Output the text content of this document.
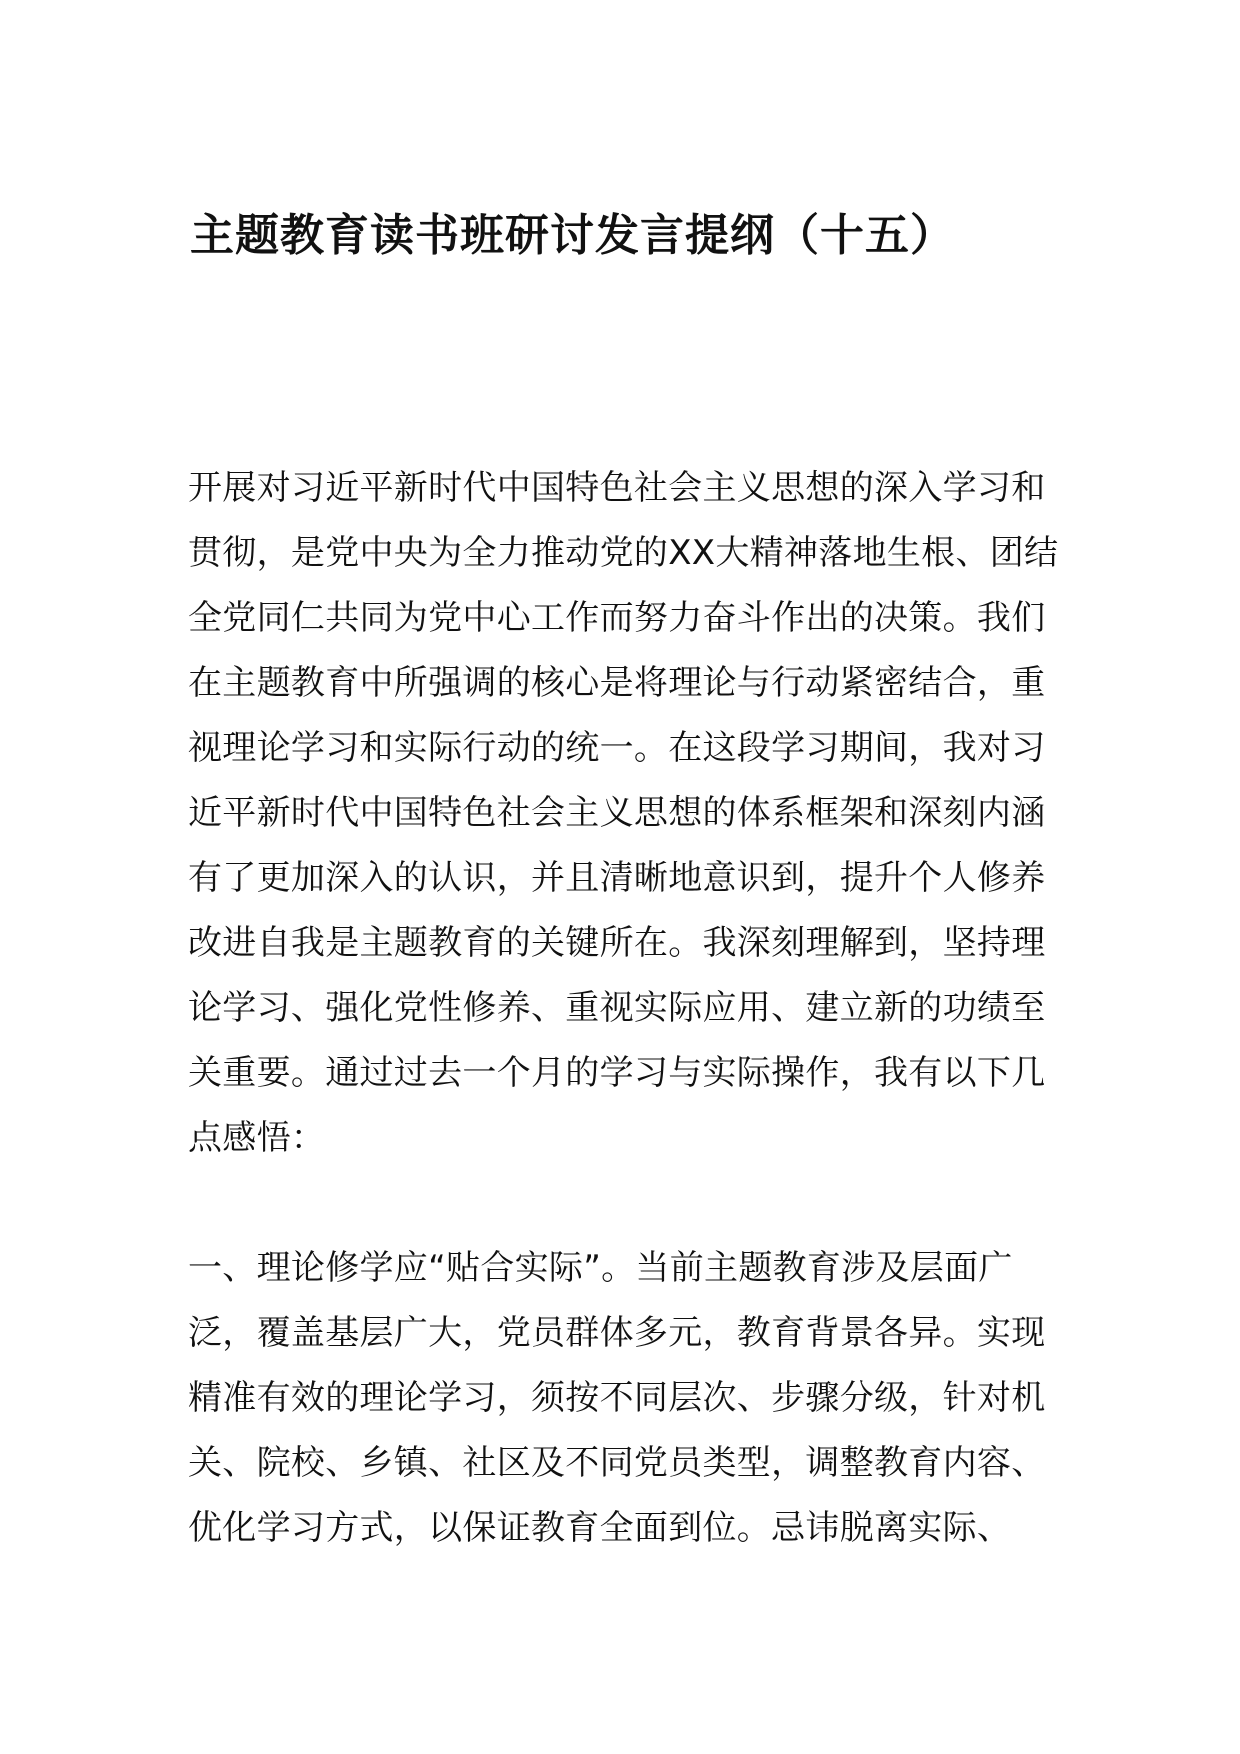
主题教育读书班研讨发言提纲（十五）
开展对习近平新时代中国特色社会主义思想的深入学习和
贯彻，是党中央为全力推动党的XX大精神落地生根、团结
全党同仁共同为党中心工作而努力奋斗作出的决策。我们
在主题教育中所强调的核心是将理论与行动紧密结合，重
视理论学习和实际行动的统一。在这段学习期间，我对习
近平新时代中国特色社会主义思想的体系框架和深刻内涵
有了更加深入的认识，并且清晰地意识到，提升个人修养
改进自我是主题教育的关键所在。我深刻理解到，坚持理
论学习、强化党性修养、重视实际应用、建立新的功绩至
关重要。通过过去一个月的学习与实际操作，我有以下几
点感悟：
一、理论修学应“贴合实际”。当前主题教育涉及层面广
泛，覆盖基层广大，党员群体多元，教育背景各异。实现
精准有效的理论学习，须按不同层次、步骤分级，针对机
关、院校、乡镇、社区及不同党员类型，调整教育内容、
优化学习方式，以保证教育全面到位。忌讳脱离实际、
